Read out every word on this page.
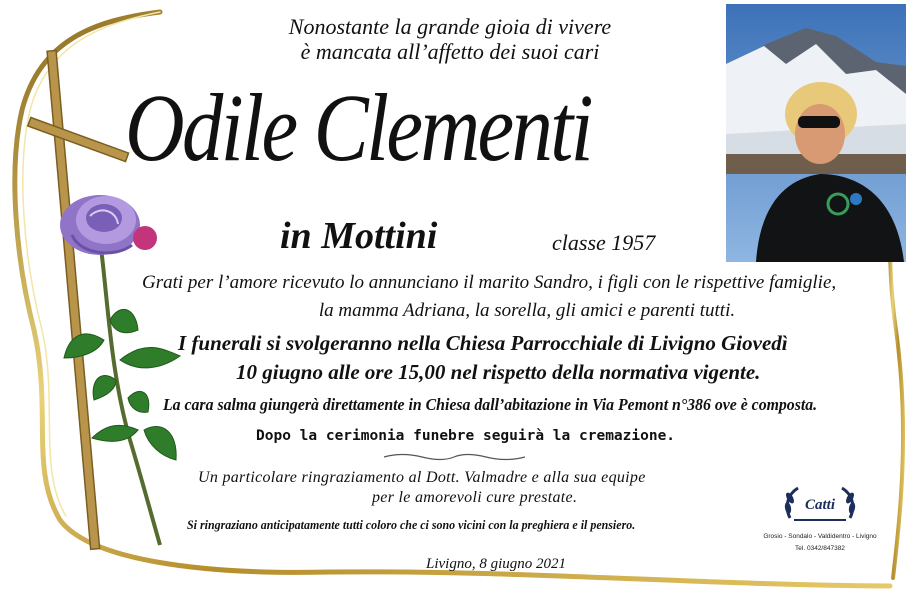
Nonostante la grande gioia di vivere
è mancata all’affetto dei suoi cari
Odile Clementi
in Mottini	classe 1957
Grati per l’amore ricevuto lo annunciano il marito Sandro, i figli con le rispettive famiglie,
la mamma Adriana, la sorella, gli amici e parenti tutti.
I funerali si svolgeranno nella Chiesa Parrocchiale di Livigno Giovedì
10 giugno alle ore 15,00 nel rispetto della normativa vigente.
La cara salma giungerà direttamente in Chiesa dall’abitazione in Via Pemont n°386 ove è composta.
Dopo la cerimonia funebre seguirà la cremazione.
Un particolare ringraziamento al Dott. Valmadre e alla sua equipe
per le amorevoli cure prestate.
Si ringraziano anticipatamente tutti coloro che ci sono vicini con la preghiera e il pensiero.
Livigno, 8 giugno 2021
Catti
Grosio - Sondalo - Valdidentro - Livigno
Tel. 0342/847382
